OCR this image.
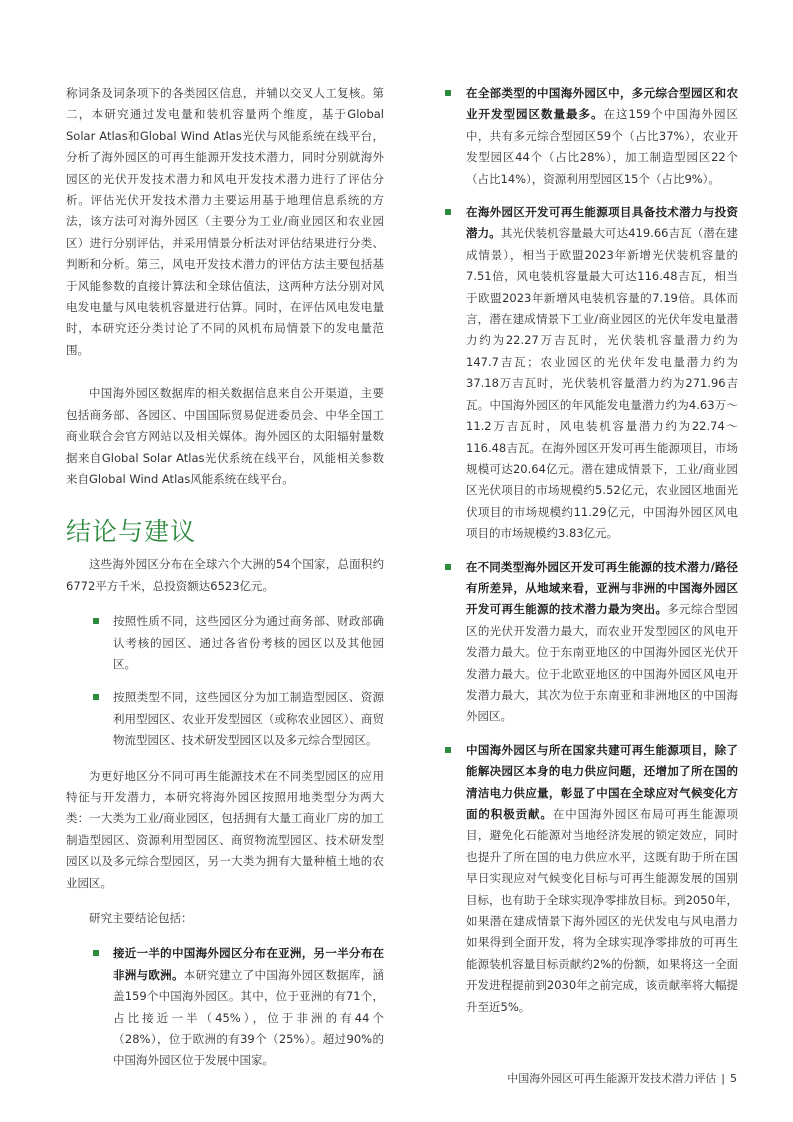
称词条及词条项下的各类园区信息，并辅以交叉人工复核。第二，本研究通过发电量和装机容量两个维度，基于Global Solar Atlas和Global Wind Atlas光伏与风能系统在线平台，分析了海外园区的可再生能源开发技术潜力，同时分别就海外园区的光伏开发技术潜力和风电开发技术潜力进行了评估分析。评估光伏开发技术潜力主要运用基于地理信息系统的方法，该方法可对海外园区（主要分为工业/商业园区和农业园区）进行分别评估，并采用情景分析法对评估结果进行分类、判断和分析。第三，风电开发技术潜力的评估方法主要包括基于风能参数的直接计算法和全球估值法，这两种方法分别对风电发电量与风电装机容量进行估算。同时，在评估风电发电量时，本研究还分类讨论了不同的风机布局情景下的发电量范围。

中国海外园区数据库的相关数据信息来自公开渠道，主要包括商务部、各园区、中国国际贸易促进委员会、中华全国工商业联合会官方网站以及相关媒体。海外园区的太阳辐射量数据来自Global Solar Atlas光伏系统在线平台，风能相关参数来自Global Wind Atlas风能系统在线平台。

结论与建议

这些海外园区分布在全球六个大洲的54个国家，总面积约6772平方千米，总投资额达6523亿元。

按照性质不同，这些园区分为通过商务部、财政部确认考核的园区、通过各省份考核的园区以及其他园区。

按照类型不同，这些园区分为加工制造型园区、资源利用型园区、农业开发型园区（或称农业园区）、商贸物流型园区、技术研发型园区以及多元综合型园区。

为更好地区分不同可再生能源技术在不同类型园区的应用特征与开发潜力，本研究将海外园区按照用地类型分为两大类：一大类为工业/商业园区，包括拥有大量工商业厂房的加工制造型园区、资源利用型园区、商贸物流型园区、技术研发型园区以及多元综合型园区，另一大类为拥有大量种植土地的农业园区。

研究主要结论包括：

接近一半的中国海外园区分布在亚洲，另一半分布在非洲与欧洲。本研究建立了中国海外园区数据库，涵盖159个中国海外园区。其中，位于亚洲的有71个，占比接近一半（45%），位于非洲的有44个（28%），位于欧洲的有39个（25%）。超过90%的中国海外园区位于发展中国家。

在全部类型的中国海外园区中，多元综合型园区和农业开发型园区数量最多。在这159个中国海外园区中，共有多元综合型园区59个（占比37%），农业开发型园区44个（占比28%），加工制造型园区22个（占比14%），资源利用型园区15个（占比9%）。

在海外园区开发可再生能源项目具备技术潜力与投资潜力。其光伏装机容量最大可达419.66吉瓦（潜在建成情景），相当于欧盟2023年新增光伏装机容量的7.51倍，风电装机容量最大可达116.48吉瓦，相当于欧盟2023年新增风电装机容量的7.19倍。具体而言，潜在建成情景下工业/商业园区的光伏年发电量潜力约为22.27万吉瓦时，光伏装机容量潜力约为147.7吉瓦；农业园区的光伏年发电量潜力约为37.18万吉瓦时，光伏装机容量潜力约为271.96吉瓦。中国海外园区的年风能发电量潜力约为4.63万～11.2万吉瓦时，风电装机容量潜力约为22.74～116.48吉瓦。在海外园区开发可再生能源项目，市场规模可达20.64亿元。潜在建成情景下，工业/商业园区光伏项目的市场规模约5.52亿元，农业园区地面光伏项目的市场规模约11.29亿元，中国海外园区风电项目的市场规模约3.83亿元。

在不同类型海外园区开发可再生能源的技术潜力/路径有所差异，从地域来看，亚洲与非洲的中国海外园区开发可再生能源的技术潜力最为突出。多元综合型园区的光伏开发潜力最大，而农业开发型园区的风电开发潜力最大。位于东南亚地区的中国海外园区光伏开发潜力最大。位于北欧亚地区的中国海外园区风电开发潜力最大，其次为位于东南亚和非洲地区的中国海外园区。

中国海外园区与所在国家共建可再生能源项目，除了能解决园区本身的电力供应问题，还增加了所在国的清洁电力供应量，彰显了中国在全球应对气候变化方面的积极贡献。在中国海外园区布局可再生能源项目，避免化石能源对当地经济发展的锁定效应，同时也提升了所在国的电力供应水平，这既有助于所在国早日实现应对气候变化目标与可再生能源发展的国别目标，也有助于全球实现净零排放目标。到2050年，如果潜在建成情景下海外园区的光伏发电与风电潜力如果得到全面开发，将为全球实现净零排放的可再生能源装机容量目标贡献约2%的份额，如果将这一全面开发进程提前到2030年之前完成，该贡献率将大幅提升至近5%。

中国海外园区可再生能源开发技术潜力评估 | 5
